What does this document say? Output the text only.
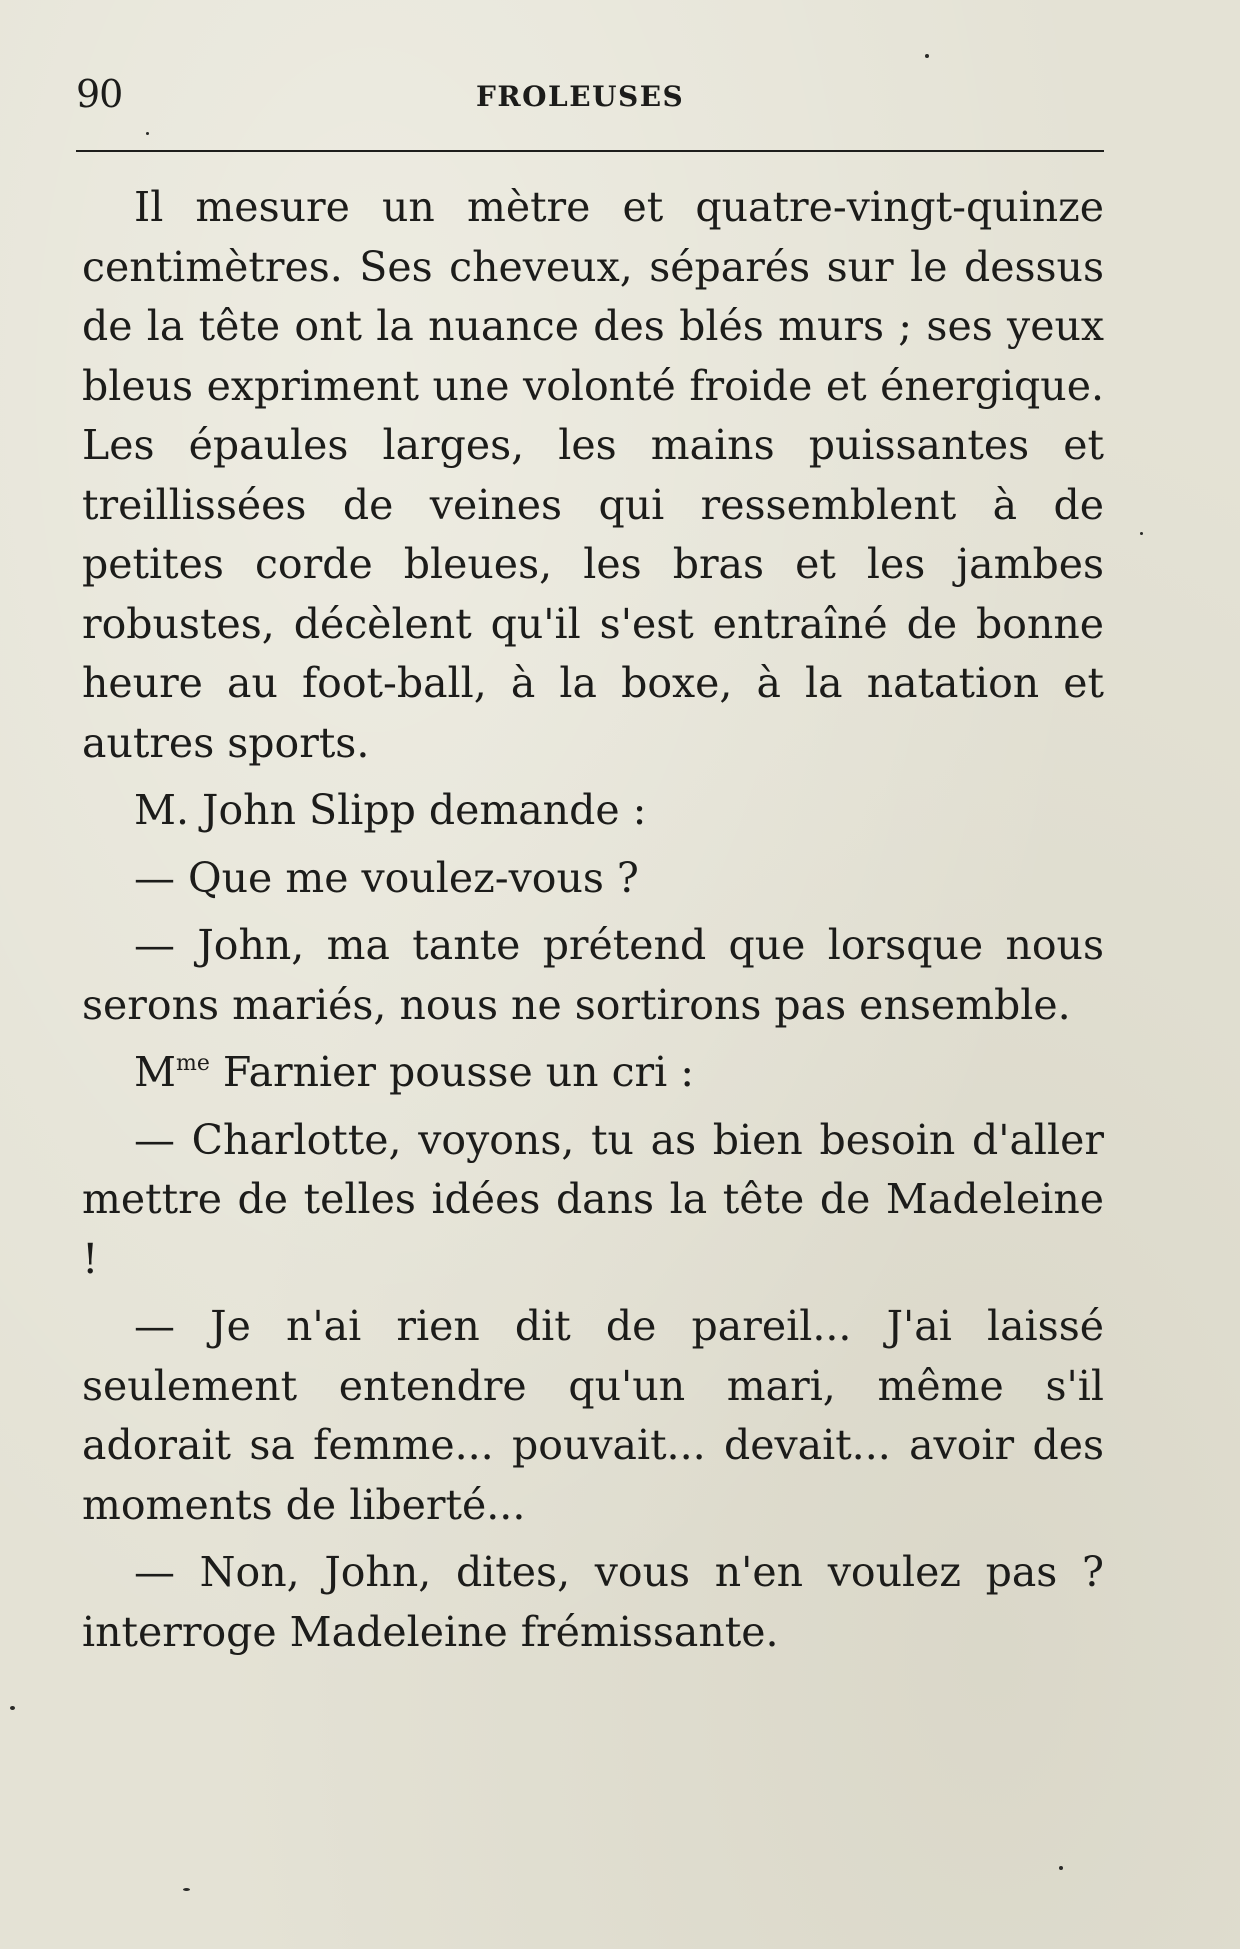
90	FROLEUSES

Il mesure un mètre et quatre-vingt-quinze centimètres. Ses cheveux, séparés sur le dessus de la tête ont la nuance des blés murs ; ses yeux bleus expriment une volonté froide et énergique. Les épaules larges, les mains puissantes et treillissées de veines qui ressemblent à de petites corde bleues, les bras et les jambes robustes, décèlent qu'il s'est entraîné de bonne heure au foot-ball, à la boxe, à la natation et autres sports.

M. John Slipp demande :

— Que me voulez-vous ?

— John, ma tante prétend que lorsque nous serons mariés, nous ne sortirons pas ensemble.

$M^{me}$ Farnier pousse un cri :

— Charlotte, voyons, tu as bien besoin d'aller mettre de telles idées dans la tête de Madeleine !

— Je n'ai rien dit de pareil... J'ai laissé seulement entendre qu'un mari, même s'il adorait sa femme... pouvait... devait... avoir des moments de liberté...

— Non, John, dites, vous n'en voulez pas ? interroge Madeleine frémissante.
